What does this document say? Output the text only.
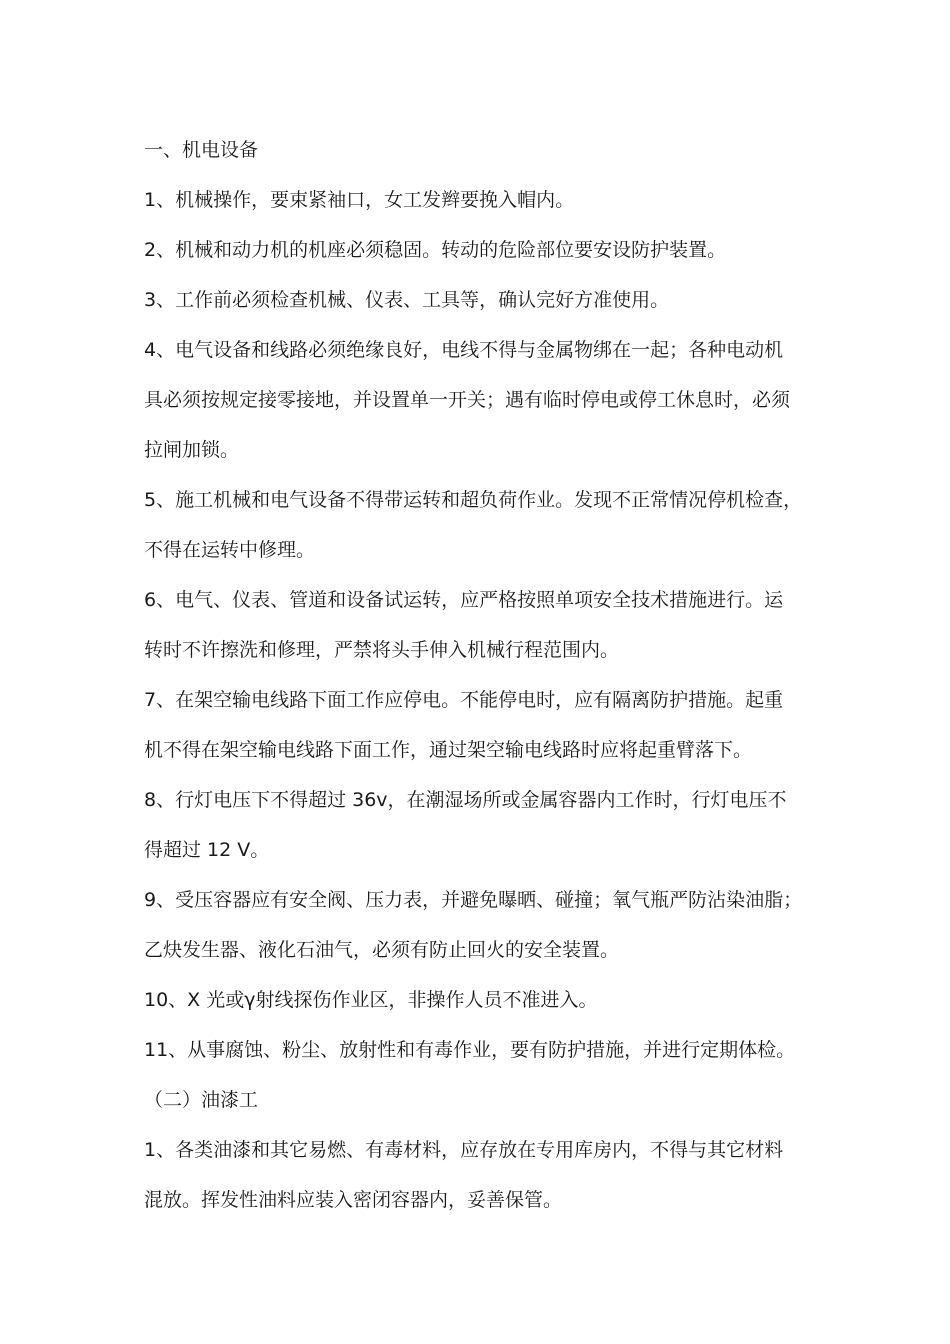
一、机电设备
1、机械操作，要束紧袖口，女工发辫要挽入帽内。
2、机械和动力机的机座必须稳固。转动的危险部位要安设防护装置。
3、工作前必须检查机械、仪表、工具等，确认完好方准使用。
4、电气设备和线路必须绝缘良好，电线不得与金属物绑在一起；各种电动机
具必须按规定接零接地，并设置单一开关；遇有临时停电或停工休息时，必须
拉闸加锁。
5、施工机械和电气设备不得带运转和超负荷作业。发现不正常情况停机检查，
不得在运转中修理。
6、电气、仪表、管道和设备试运转，应严格按照单项安全技术措施进行。运
转时不许擦洗和修理，严禁将头手伸入机械行程范围内。
7、在架空输电线路下面工作应停电。不能停电时，应有隔离防护措施。起重
机不得在架空输电线路下面工作，通过架空输电线路时应将起重臂落下。
8、行灯电压下不得超过 36v，在潮湿场所或金属容器内工作时，行灯电压不
得超过 12 V。
9、受压容器应有安全阀、压力表，并避免曝晒、碰撞；氧气瓶严防沾染油脂；
乙炔发生器、液化石油气，必须有防止回火的安全装置。
10、X 光或γ射线探伤作业区，非操作人员不准进入。
11、从事腐蚀、粉尘、放射性和有毒作业，要有防护措施，并进行定期体检。
（二）油漆工
1、各类油漆和其它易燃、有毒材料，应存放在专用库房内，不得与其它材料
混放。挥发性油料应装入密闭容器内，妥善保管。
